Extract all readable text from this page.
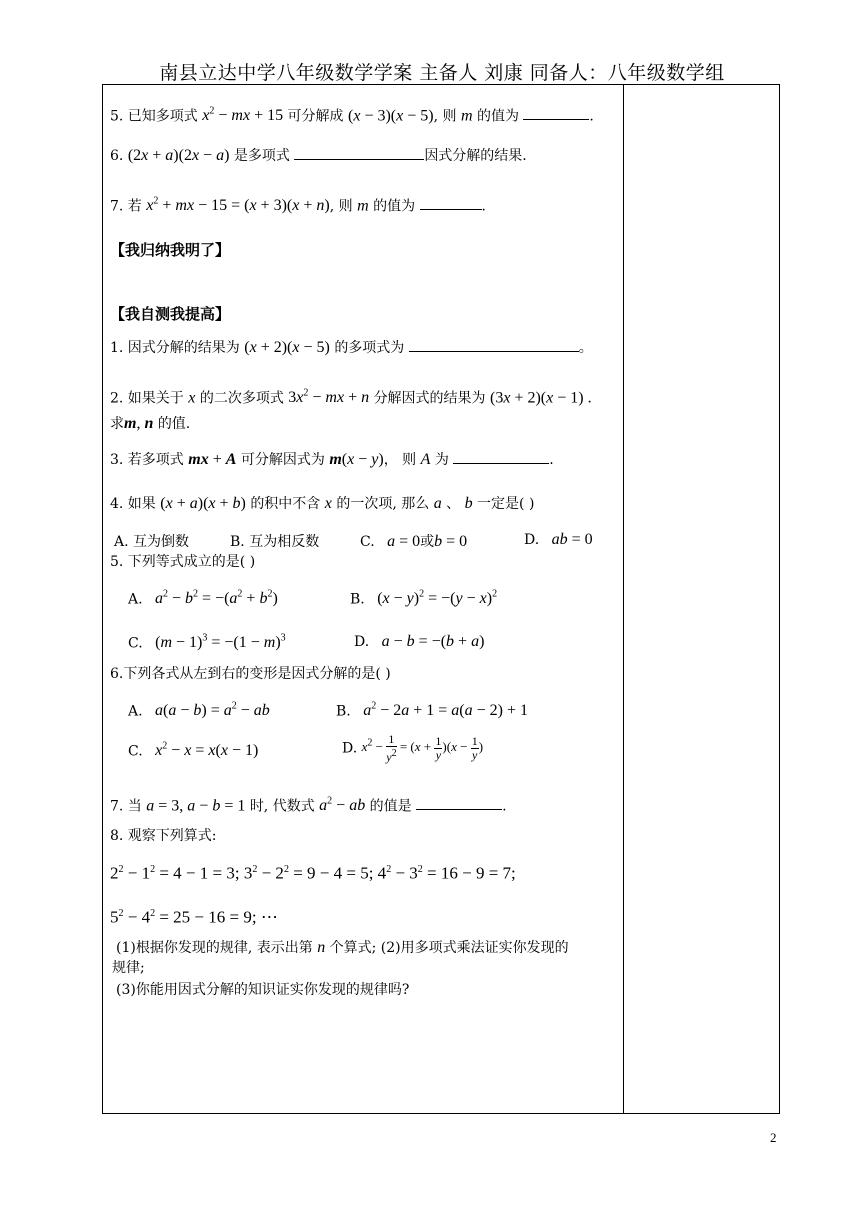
南县立达中学八年级数学学案 主备人 刘康 同备人：八年级数学组
5. 已知多项式 $x^2$ − mx + 15 可分解成 (x − 3)(x − 5), 则 m 的值为	.
6. (2x + a)(2x − a) 是多项式	因式分解的结果.
7. 若 $x^2$ + mx − 15 = (x + 3)(x + n), 则 m 的值为	.
【我归纳我明了】
【我自测我提高】
1. 因式分解的结果为 (x + 2)(x − 5) 的多项式为	。
2. 如果关于 x 的二次多项式 $3x^2$ − mx + n 分解因式的结果为 (3x + 2)(x − 1) .
求m, n 的值.
3. 若多项式 mx + A 可分解因式为 m(x − y)， 则 A 为	.
4. 如果 (x + a)(x + b) 的积中不含 x 的一次项, 那么 a 、 b 一定是( )
A. 互为倒数	B. 互为相反数	C. a = 0或b = 0	D. ab = 0
5. 下列等式成立的是( )
A. $a^2 - b^2 = -(a^2 + b^2)$	B.   $(x - y)^2 = -(y - x)^2$
C.   $(m - 1)^3 = -(1 - m)^3$	D. a − b = −(b + a)
6.下列各式从左到右的变形是因式分解的是( )
A. $a(a - b) = a^2$ − ab	B. $a^2 - 2a + 1 = a(a - 2) + 1$
C. $x^2 - x = x(x - 1)$	D. $x^2 - \frac{1}{y^2} = (x + \frac{1}{y} )(x - \frac{1}{y}$ )
7. 当 a = 3, a − b = 1 时, 代数式 $a^2$ − ab 的值是	.
8. 观察下列算式:
$2^2 - 1^2 = 4 - 1 = 3$; $3^2 - 2^2 = 9 - 4 = 5$; $4^2 - 3^2 = 16 - 9 = 7$;
$5^2 - 4^2 = 25 - 16 = 9$; ⋯
(1)根据你发现的规律, 表示出第 n 个算式; (2)用多项式乘法证实你发现的
规律;
(3)你能用因式分解的知识证实你发现的规律吗?
2
